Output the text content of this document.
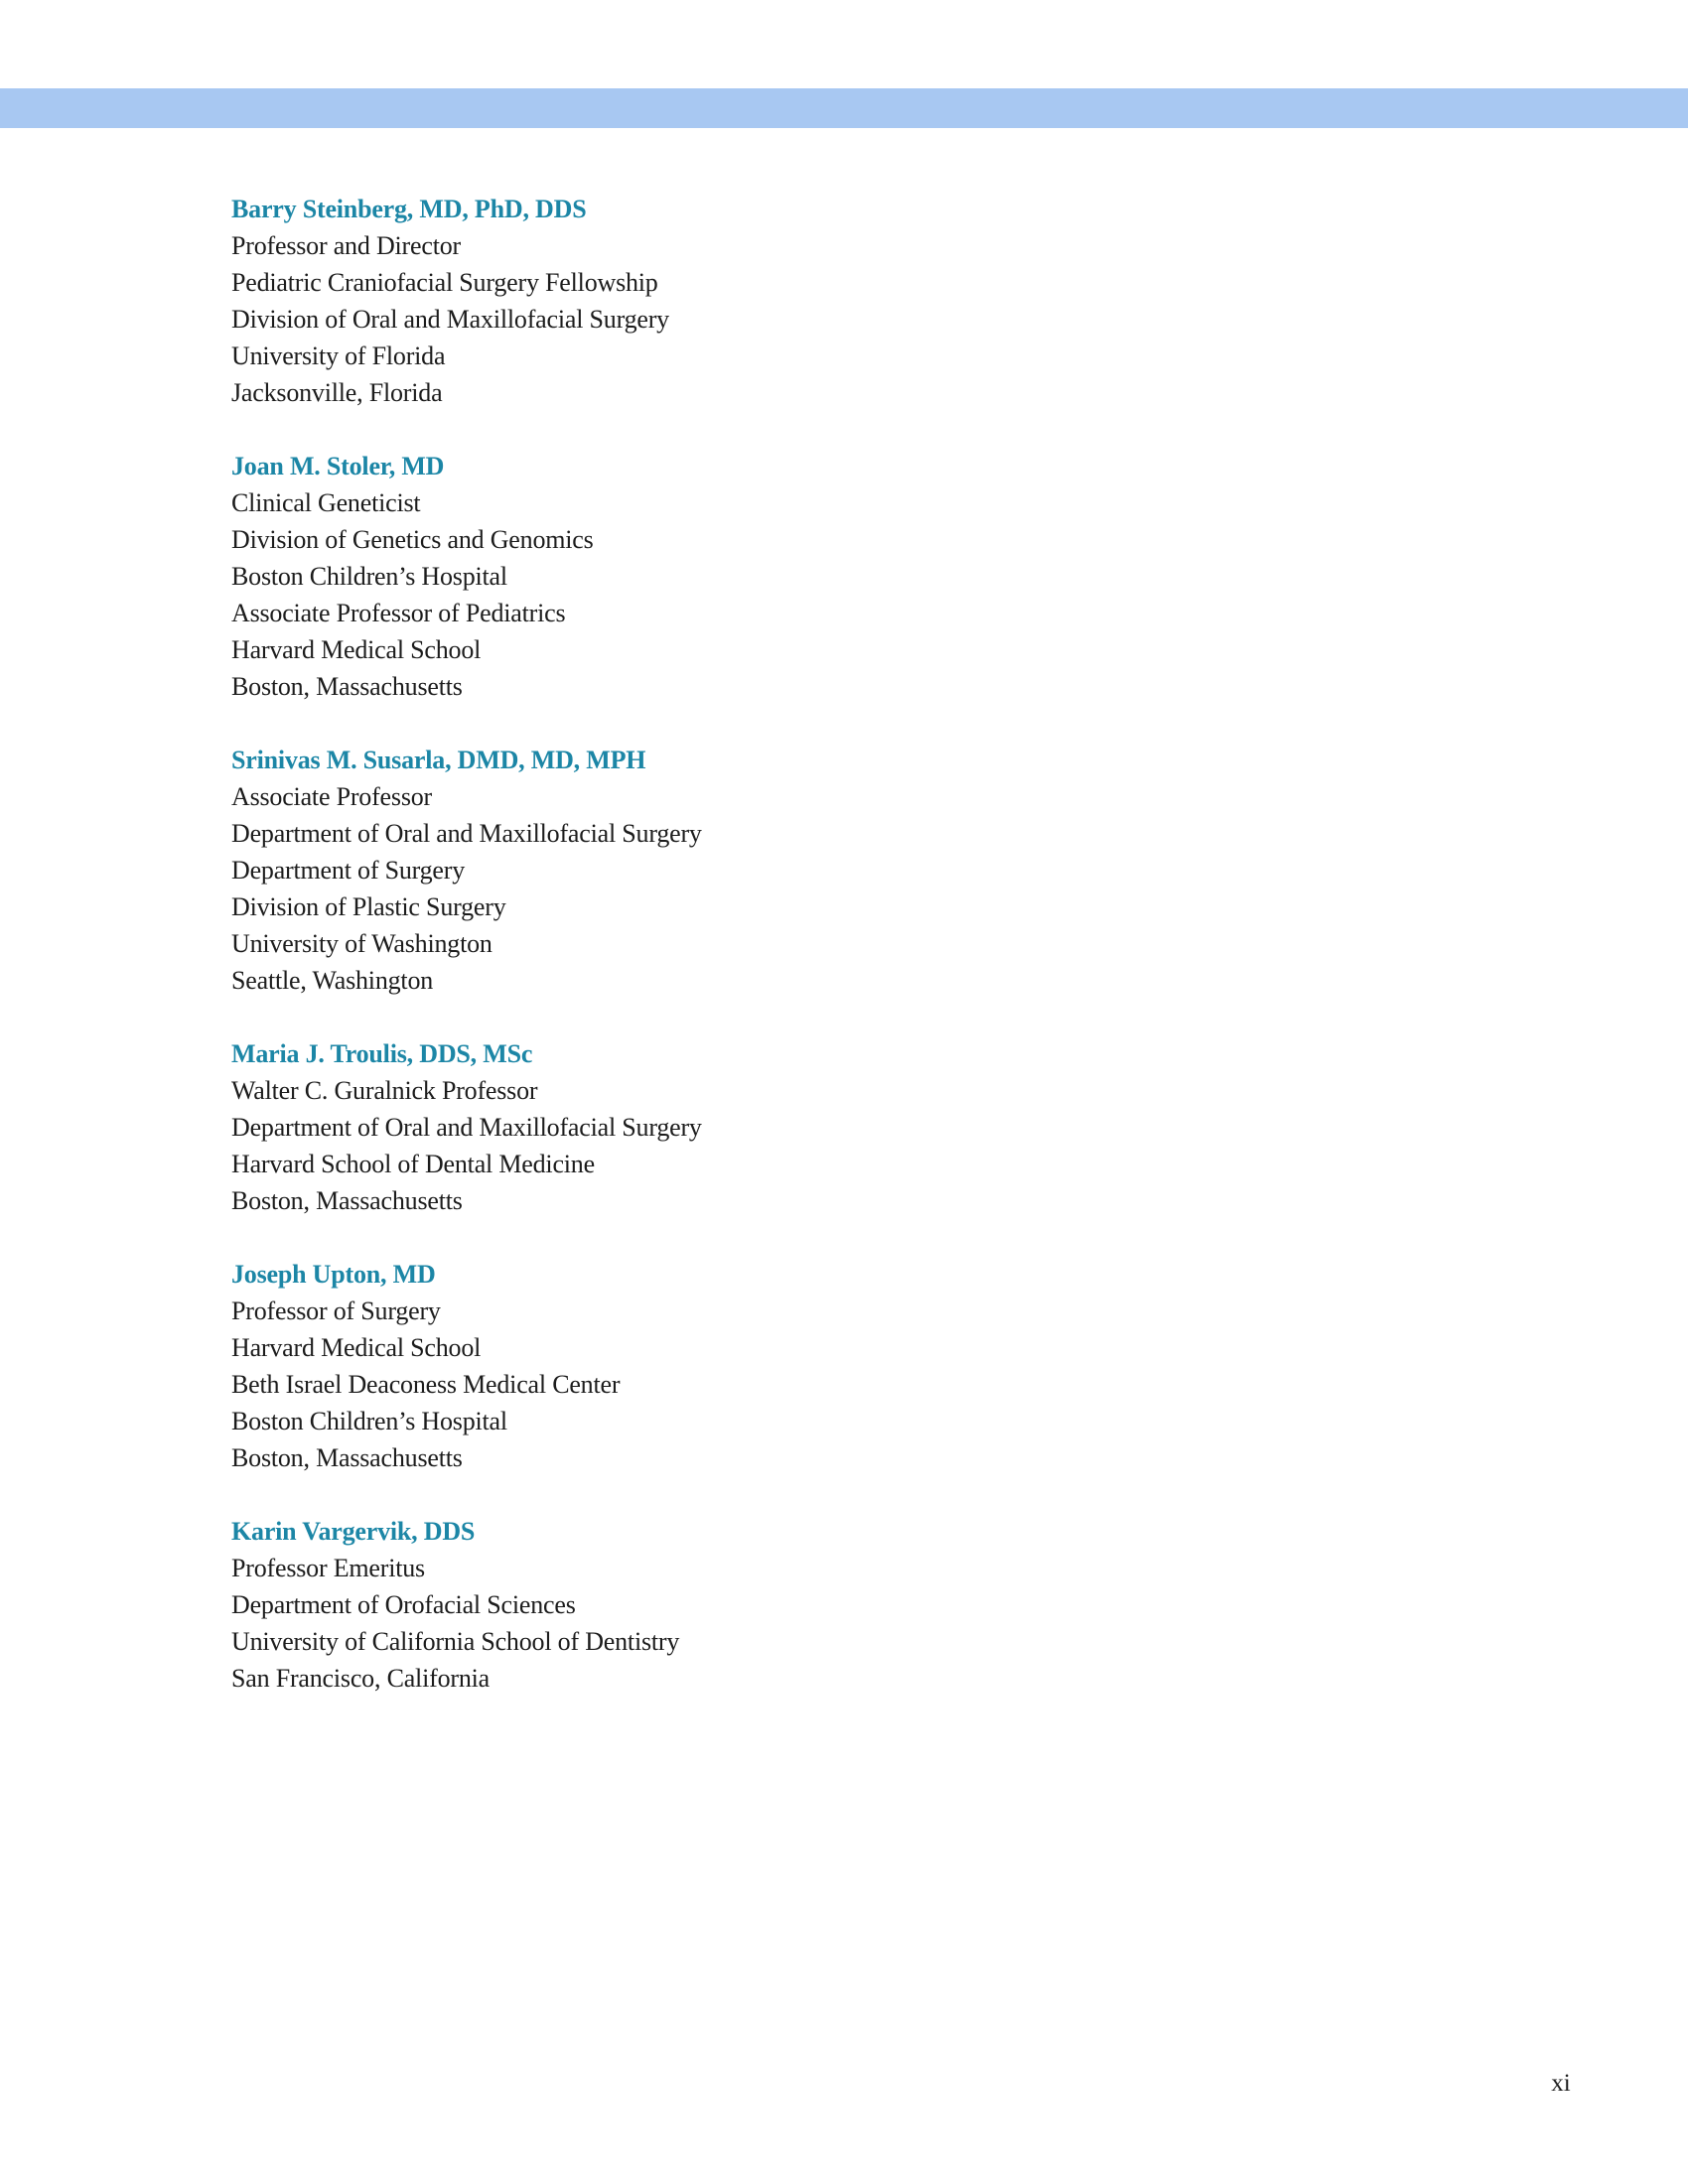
Barry Steinberg, MD, PhD, DDS

Professor and Director

Pediatric Craniofacial Surgery Fellowship

Division of Oral and Maxillofacial Surgery

University of Florida

Jacksonville, Florida

Joan M. Stoler, MD

Clinical Geneticist

Division of Genetics and Genomics

Boston Children’s Hospital

Associate Professor of Pediatrics

Harvard Medical School

Boston, Massachusetts

Srinivas M. Susarla, DMD, MD, MPH

Associate Professor

Department of Oral and Maxillofacial Surgery

Department of Surgery

Division of Plastic Surgery

University of Washington

Seattle, Washington

Maria J. Troulis, DDS, MSc

Walter C. Guralnick Professor

Department of Oral and Maxillofacial Surgery

Harvard School of Dental Medicine

Boston, Massachusetts

Joseph Upton, MD

Professor of Surgery

Harvard Medical School

Beth Israel Deaconess Medical Center

Boston Children’s Hospital

Boston, Massachusetts

Karin Vargervik, DDS

Professor Emeritus

Department of Orofacial Sciences

University of California School of Dentistry

San Francisco, California

xi
